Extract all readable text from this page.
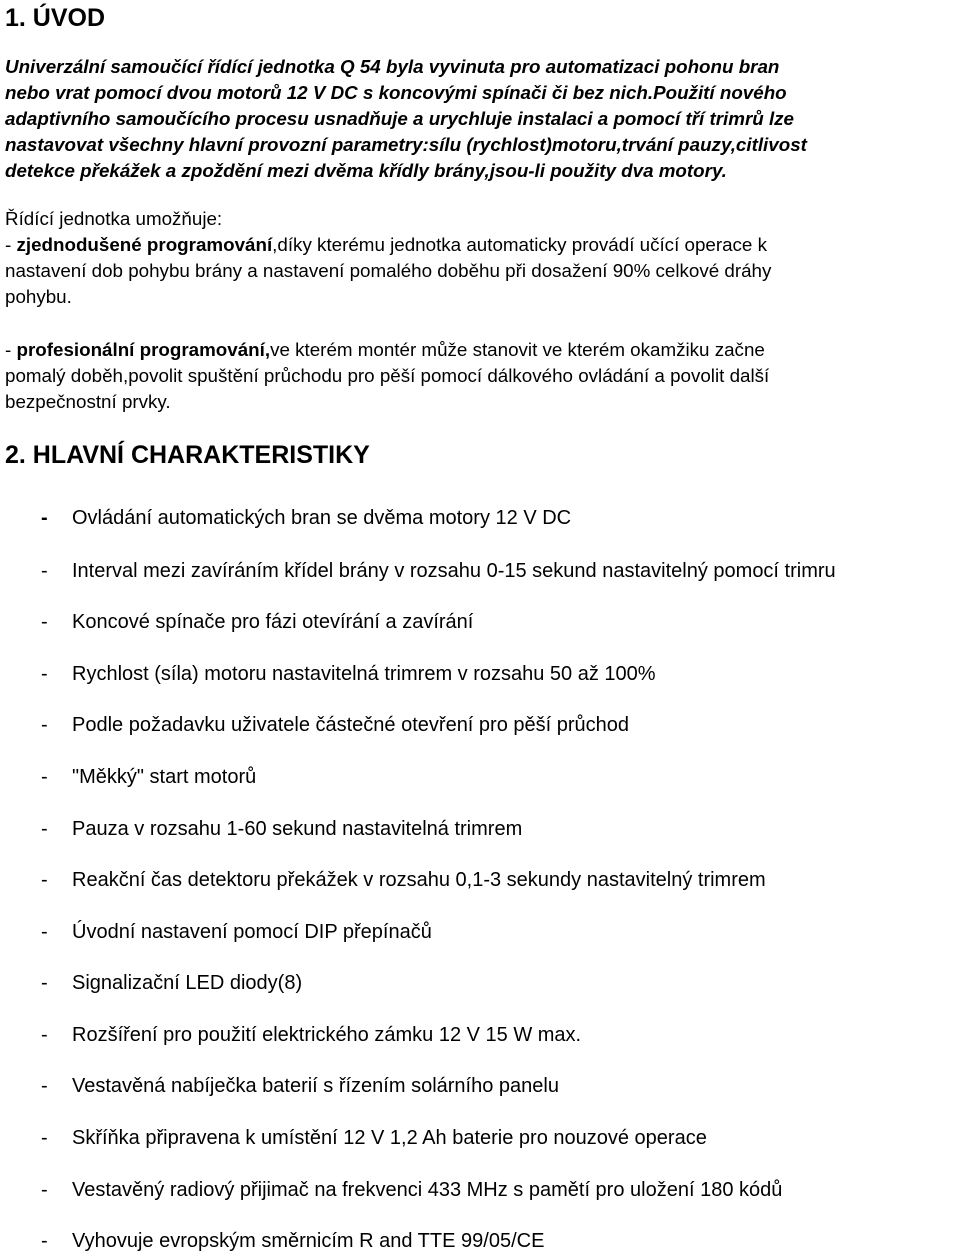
1. ÚVOD
Univerzální samoučící řídící jednotka Q 54 byla vyvinuta pro automatizaci pohonu bran
nebo vrat pomocí dvou motorů 12 V DC s koncovými spínači či bez nich.Použití nového
adaptivního samoučícího procesu usnadňuje a urychluje instalaci a pomocí tří trimrů lze
nastavovat všechny hlavní provozní parametry:sílu (rychlost)motoru,trvání pauzy,citlivost
detekce překážek a zpoždění mezi dvěma křídly brány,jsou-li použity dva motory.
Řídící jednotka umožňuje:
- zjednodušené programování,díky kterému jednotka automaticky provádí učící operace k
nastavení dob pohybu brány a nastavení pomalého doběhu při dosažení 90% celkové dráhy
pohybu.
- profesionální programování,ve kterém montér může stanovit ve kterém okamžiku začne
pomalý doběh,povolit spuštění průchodu pro pěší pomocí dálkového ovládání a povolit další
bezpečnostní prvky.
2. HLAVNÍ CHARAKTERISTIKY
- Ovládání automatických bran se dvěma motory 12 V DC
- Interval mezi zavíráním křídel brány v rozsahu 0-15 sekund nastavitelný pomocí trimru
- Koncové spínače pro fázi otevírání a zavírání
- Rychlost (síla) motoru nastavitelná trimrem v rozsahu 50 až 100%
- Podle požadavku uživatele částečné otevření pro pěší průchod
- "Měkký" start motorů
- Pauza v rozsahu 1-60 sekund nastavitelná trimrem
- Reakční čas detektoru překážek v rozsahu 0,1-3 sekundy nastavitelný trimrem
- Úvodní nastavení pomocí DIP přepínačů
- Signalizační LED diody(8)
- Rozšíření pro použití elektrického zámku 12 V 15 W max.
- Vestavěná nabíječka baterií s řízením solárního panelu
- Skříňka připravena k umístění 12 V 1,2 Ah baterie pro nouzové operace
- Vestavěný radiový přijimač na frekvenci 433 MHz s pamětí pro uložení 180 kódů
- Vyhovuje evropským směrnicím R and TTE 99/05/CE
